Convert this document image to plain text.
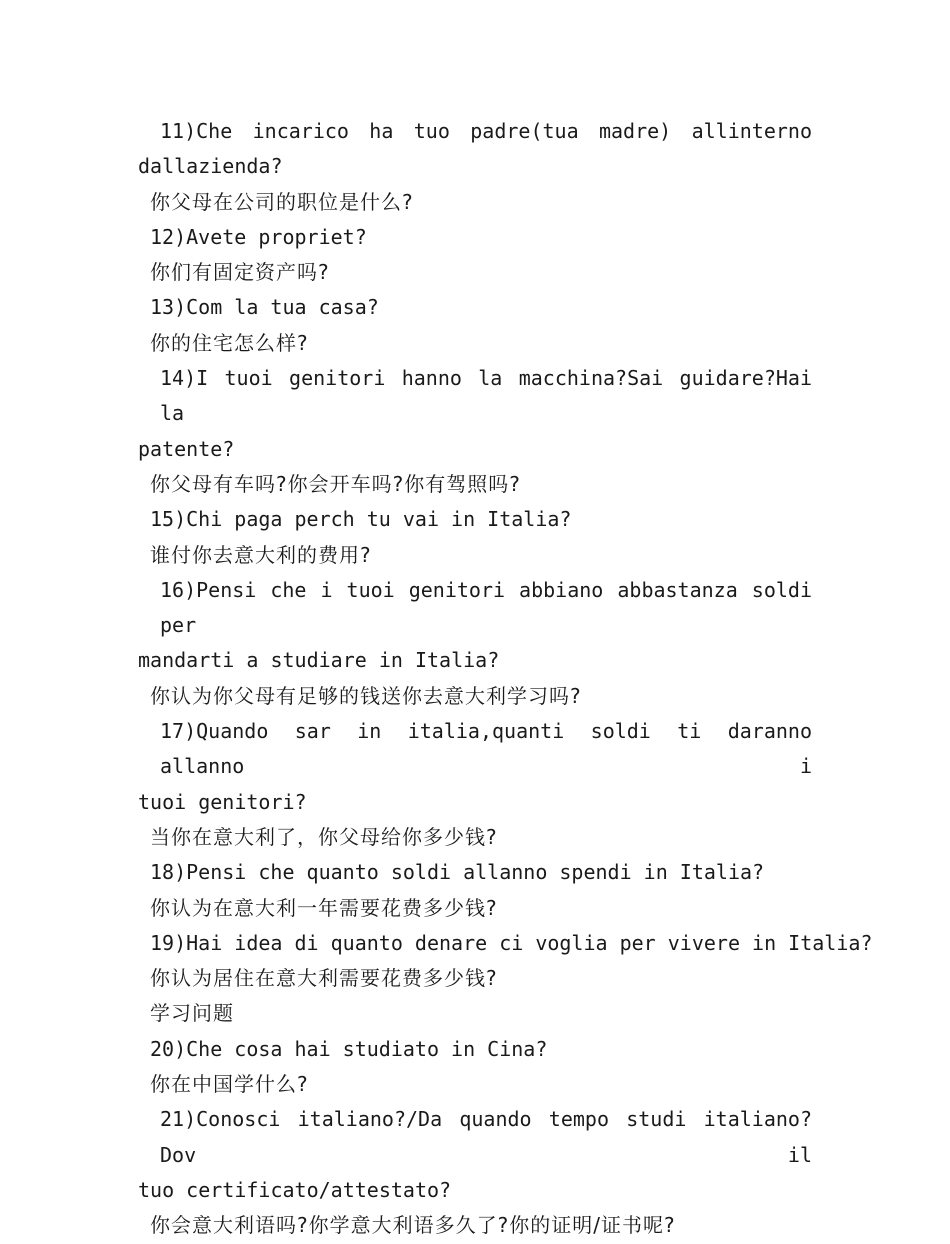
11)Che incarico ha tuo padre(tua madre) allinterno
dallazienda?
你父母在公司的职位是什么?
12)Avete propriet?
你们有固定资产吗?
13)Com la tua casa?
你的住宅怎么样?
14)I tuoi genitori hanno la macchina?Sai guidare?Hai la
patente?
你父母有车吗?你会开车吗?你有驾照吗?
15)Chi paga perch tu vai in Italia?
谁付你去意大利的费用?
16)Pensi che i tuoi genitori abbiano abbastanza soldi per
mandarti a studiare in Italia?
你认为你父母有足够的钱送你去意大利学习吗?
17)Quando sar in italia,quanti soldi ti daranno allanno i
tuoi genitori?
当你在意大利了，你父母给你多少钱?
18)Pensi che quanto soldi allanno spendi in Italia?
你认为在意大利一年需要花费多少钱?
19)Hai idea di quanto denare ci voglia per vivere in Italia?
你认为居住在意大利需要花费多少钱?
学习问题
20)Che cosa hai studiato in Cina?
你在中国学什么?
21)Conosci italiano?/Da quando tempo studi italiano?Dov il
tuo certificato/attestato?
你会意大利语吗?你学意大利语多久了?你的证明/证书呢?
